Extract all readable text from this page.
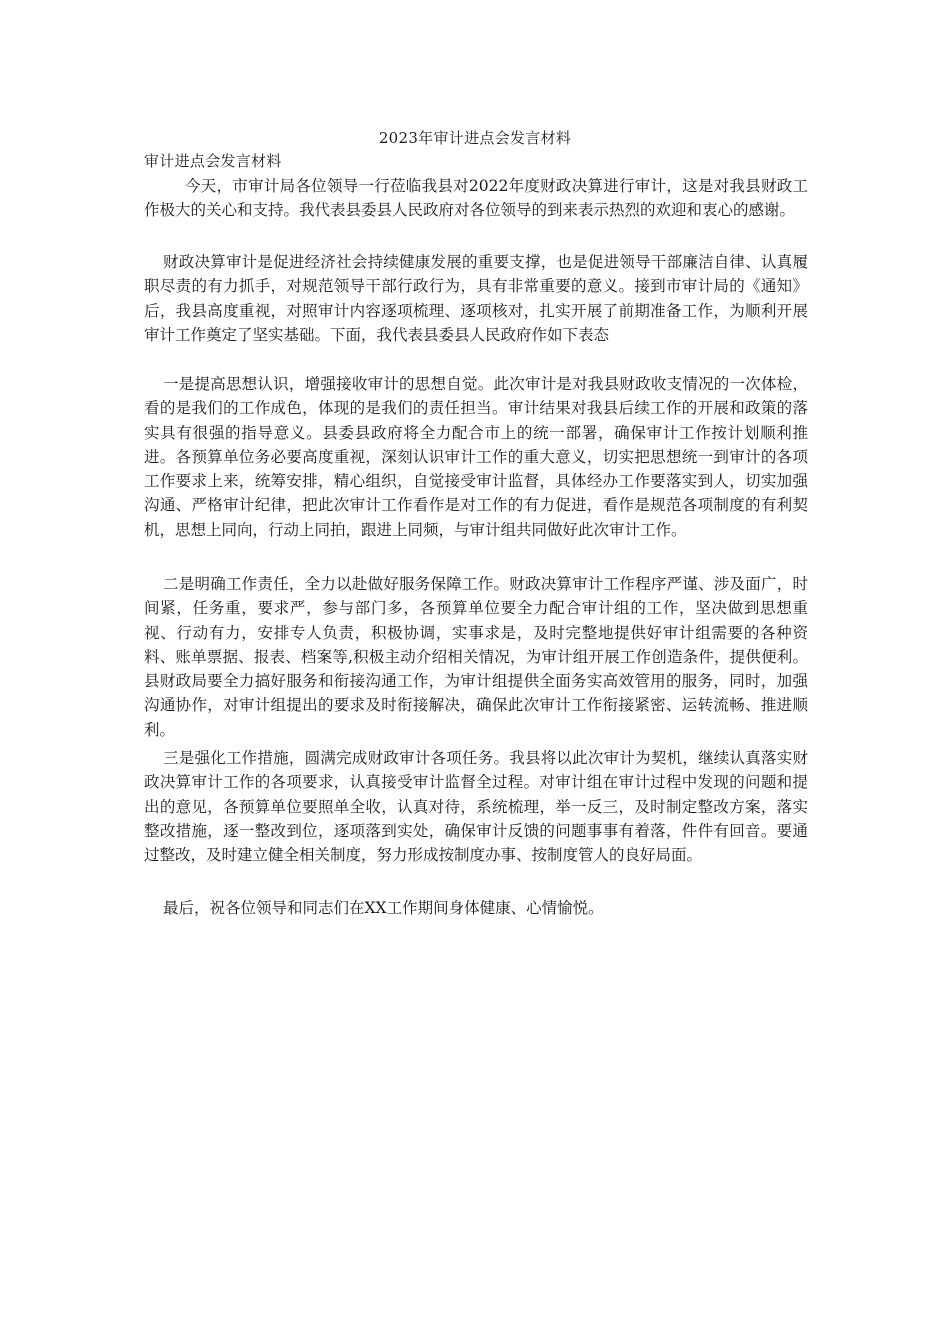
2023年审计进点会发言材料
审计进点会发言材料

今天，市审计局各位领导一行莅临我县对2022年度财政决算进行审计，这是对我县财政工作极大的关心和支持。我代表县委县人民政府对各位领导的到来表示热烈的欢迎和衷心的感谢。

财政决算审计是促进经济社会持续健康发展的重要支撑，也是促进领导干部廉洁自律、认真履职尽责的有力抓手，对规范领导干部行政行为，具有非常重要的意义。接到市审计局的《通知》后，我县高度重视，对照审计内容逐项梳理、逐项核对，扎实开展了前期准备工作，为顺利开展审计工作奠定了坚实基础。下面，我代表县委县人民政府作如下表态

一是提高思想认识，增强接收审计的思想自觉。此次审计是对我县财政收支情况的一次体检，看的是我们的工作成色，体现的是我们的责任担当。审计结果对我县后续工作的开展和政策的落实具有很强的指导意义。县委县政府将全力配合市上的统一部署，确保审计工作按计划顺利推进。各预算单位务必要高度重视，深刻认识审计工作的重大意义，切实把思想统一到审计的各项工作要求上来，统筹安排，精心组织，自觉接受审计监督，具体经办工作要落实到人，切实加强沟通、严格审计纪律，把此次审计工作看作是对工作的有力促进，看作是规范各项制度的有利契机，思想上同向，行动上同拍，跟进上同频，与审计组共同做好此次审计工作。

二是明确工作责任，全力以赴做好服务保障工作。财政决算审计工作程序严谨、涉及面广，时间紧，任务重，要求严，参与部门多，各预算单位要全力配合审计组的工作，坚决做到思想重视、行动有力，安排专人负责，积极协调，实事求是，及时完整地提供好审计组需要的各种资料、账单票据、报表、档案等,积极主动介绍相关情况，为审计组开展工作创造条件，提供便利。县财政局要全力搞好服务和衔接沟通工作，为审计组提供全面务实高效管用的服务，同时，加强沟通协作，对审计组提出的要求及时衔接解决，确保此次审计工作衔接紧密、运转流畅、推进顺利。

三是强化工作措施，圆满完成财政审计各项任务。我县将以此次审计为契机，继续认真落实财政决算审计工作的各项要求，认真接受审计监督全过程。对审计组在审计过程中发现的问题和提出的意见，各预算单位要照单全收，认真对待，系统梳理，举一反三，及时制定整改方案，落实整改措施，逐一整改到位，逐项落到实处，确保审计反馈的问题事事有着落，件件有回音。要通过整改，及时建立健全相关制度，努力形成按制度办事、按制度管人的良好局面。

最后，祝各位领导和同志们在XX工作期间身体健康、心情愉悦。
